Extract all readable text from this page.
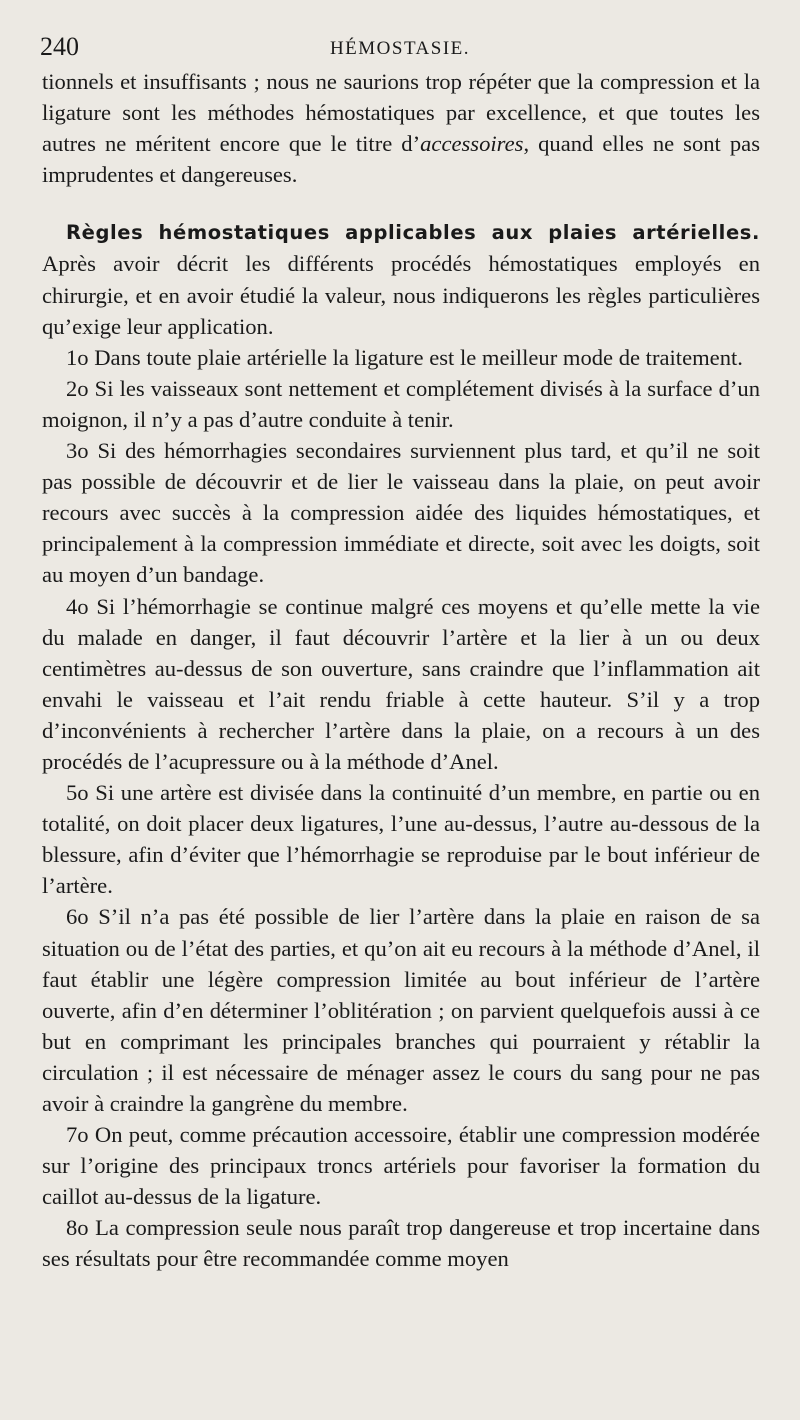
240	HÉMOSTASIE.

tionnels et insuffisants ; nous ne saurions trop répéter que la compression et la ligature sont les méthodes hémostatiques par excellence, et que toutes les autres ne méritent encore que le titre d’accessoires, quand elles ne sont pas imprudentes et dangereuses.

Règles hémostatiques applicables aux plaies artérielles. Après avoir décrit les différents procédés hémostatiques employés en chirurgie, et en avoir étudié la valeur, nous indiquerons les règles particulières qu’exige leur application.

1o Dans toute plaie artérielle la ligature est le meilleur mode de traitement.

2o Si les vaisseaux sont nettement et complétement divisés à la surface d’un moignon, il n’y a pas d’autre conduite à tenir.

3o Si des hémorrhagies secondaires surviennent plus tard, et qu’il ne soit pas possible de découvrir et de lier le vaisseau dans la plaie, on peut avoir recours avec succès à la compression aidée des liquides hémostatiques, et principalement à la compression immédiate et directe, soit avec les doigts, soit au moyen d’un bandage.

4o Si l’hémorrhagie se continue malgré ces moyens et qu’elle mette la vie du malade en danger, il faut découvrir l’artère et la lier à un ou deux centimètres au-dessus de son ouverture, sans craindre que l’inflammation ait envahi le vaisseau et l’ait rendu friable à cette hauteur. S’il y a trop d’inconvénients à rechercher l’artère dans la plaie, on a recours à un des procédés de l’acupressure ou à la méthode d’Anel.

5o Si une artère est divisée dans la continuité d’un membre, en partie ou en totalité, on doit placer deux ligatures, l’une au-dessus, l’autre au-dessous de la blessure, afin d’éviter que l’hémorrhagie se reproduise par le bout inférieur de l’artère.

6o S’il n’a pas été possible de lier l’artère dans la plaie en raison de sa situation ou de l’état des parties, et qu’on ait eu recours à la méthode d’Anel, il faut établir une légère compression limitée au bout inférieur de l’artère ouverte, afin d’en déterminer l’oblitération ; on parvient quelquefois aussi à ce but en comprimant les principales branches qui pourraient y rétablir la circulation ; il est nécessaire de ménager assez le cours du sang pour ne pas avoir à craindre la gangrène du membre.

7o On peut, comme précaution accessoire, établir une compression modérée sur l’origine des principaux troncs artériels pour favoriser la formation du caillot au-dessus de la ligature.

8o La compression seule nous paraît trop dangereuse et trop incertaine dans ses résultats pour être recommandée comme moyen
